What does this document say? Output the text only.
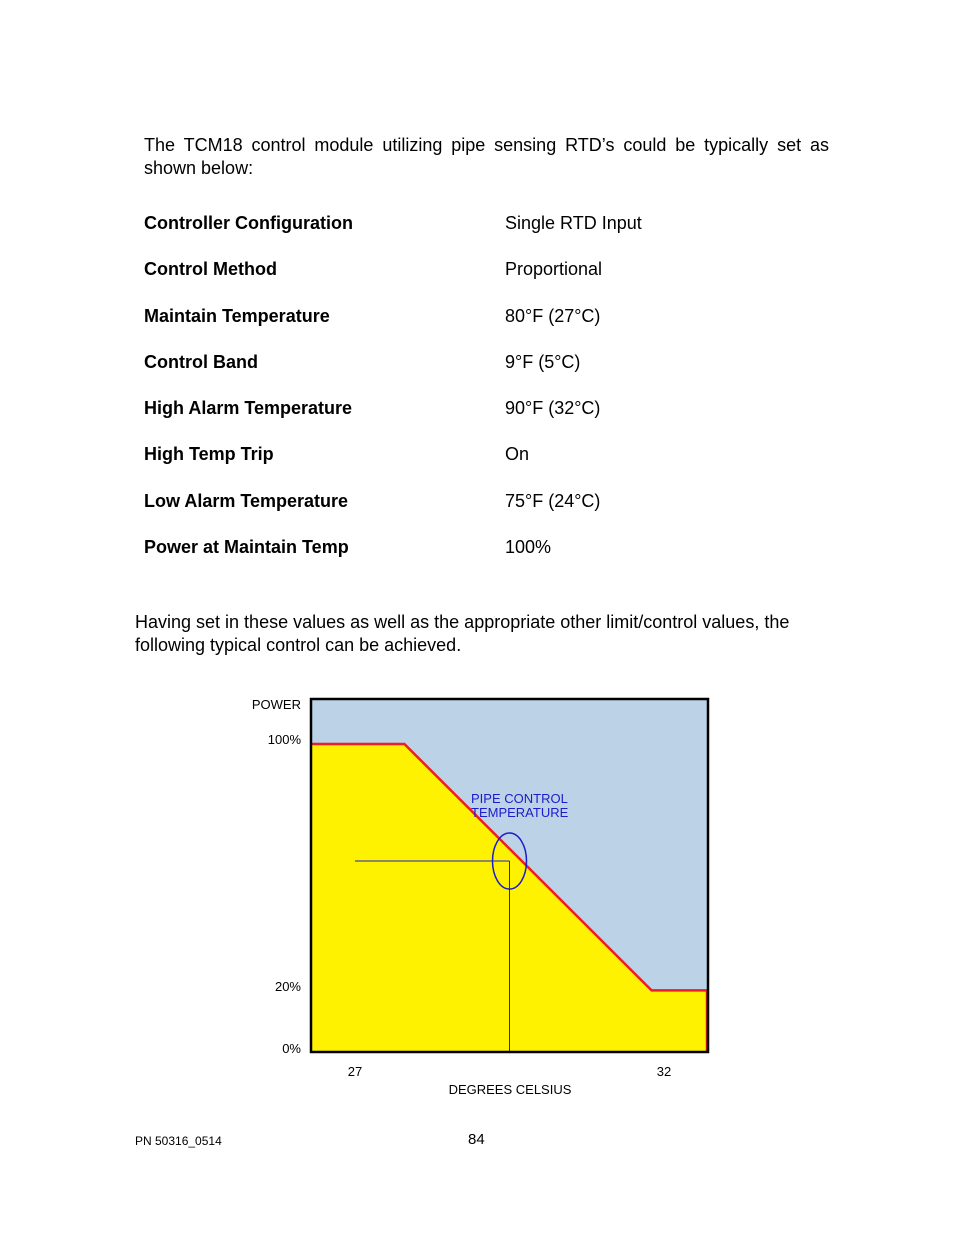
The TCM18 control module utilizing pipe sensing RTD’s could be typically set as shown below:

Controller Configuration	Single RTD Input
Control Method	Proportional
Maintain Temperature	80°F (27°C)
Control Band	9°F (5°C)
High Alarm Temperature	90°F (32°C)
High Temp Trip	On
Low Alarm Temperature	75°F (24°C)
Power at Maintain Temp	100%

Having set in these values as well as the appropriate other limit/control values, the following typical control can be achieved.

POWER
100%
20%
0%
27	32
DEGREES CELSIUS
PIPE CONTROL
TEMPERATURE
PN 50316_0514	84
